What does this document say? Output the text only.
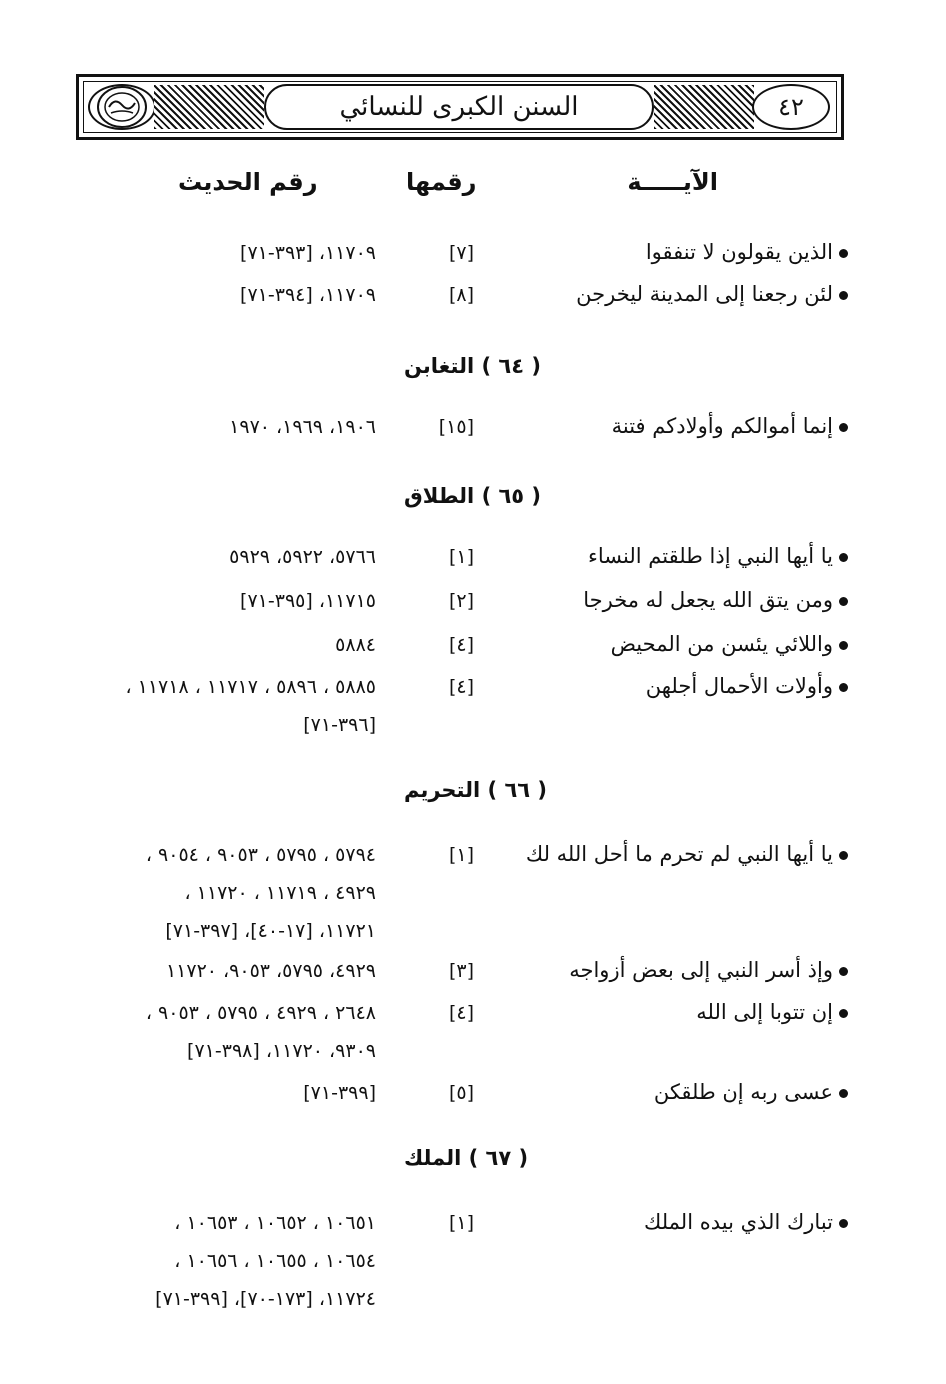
السنن الكبرى للنسائي	٤٢
الآيـــــة
رقمها
رقم الحديث
الذين يقولون لا تنفقوا
[٧]
١١٧٠٩، [٣٩٣-٧١]
لئن رجعنا إلى المدينة ليخرجن
[٨]
١١٧٠٩، [٣٩٤-٧١]
( ٦٤ ) التغابن
إنما أموالكم وأولادكم فتنة
[١٥]
١٩٠٦، ١٩٦٩، ١٩٧٠
( ٦٥ ) الطلاق
يا أيها النبي إذا طلقتم النساء
[١]
٥٧٦٦، ٥٩٢٢، ٥٩٢٩
ومن يتق الله يجعل له مخرجا
[٢]
١١٧١٥، [٣٩٥-٧١]
واللائي يئسن من المحيض
[٤]
٥٨٨٤
وأولات الأحمال أجلهن
[٤]
٥٨٨٥ ، ٥٨٩٦ ، ١١٧١٧ ، ١١٧١٨ ،
[٣٩٦-٧١]
( ٦٦ ) التحريم
يا أيها النبي لم تحرم ما أحل الله لك
[١]
٥٧٩٤ ، ٥٧٩٥ ، ٩٠٥٣ ، ٩٠٥٤ ،
٤٩٢٩ ، ١١٧١٩ ، ١١٧٢٠ ،
١١٧٢١، [١٧-٤٠]، [٣٩٧-٧١]
وإذ أسر النبي إلى بعض أزواجه
[٣]
٤٩٢٩، ٥٧٩٥، ٩٠٥٣، ١١٧٢٠
إن تتوبا إلى الله
[٤]
٢٦٤٨ ، ٤٩٢٩ ، ٥٧٩٥ ، ٩٠٥٣ ،
٩٣٠٩، ١١٧٢٠، [٣٩٨-٧١]
عسى ربه إن طلقكن
[٥]
[٣٩٩-٧١]
( ٦٧ ) الملك
تبارك الذي بيده الملك
[١]
١٠٦٥١ ، ١٠٦٥٢ ، ١٠٦٥٣ ،
١٠٦٥٤ ، ١٠٦٥٥ ، ١٠٦٥٦ ،
١١٧٢٤، [١٧٣-٧٠]، [٣٩٩-٧١]
